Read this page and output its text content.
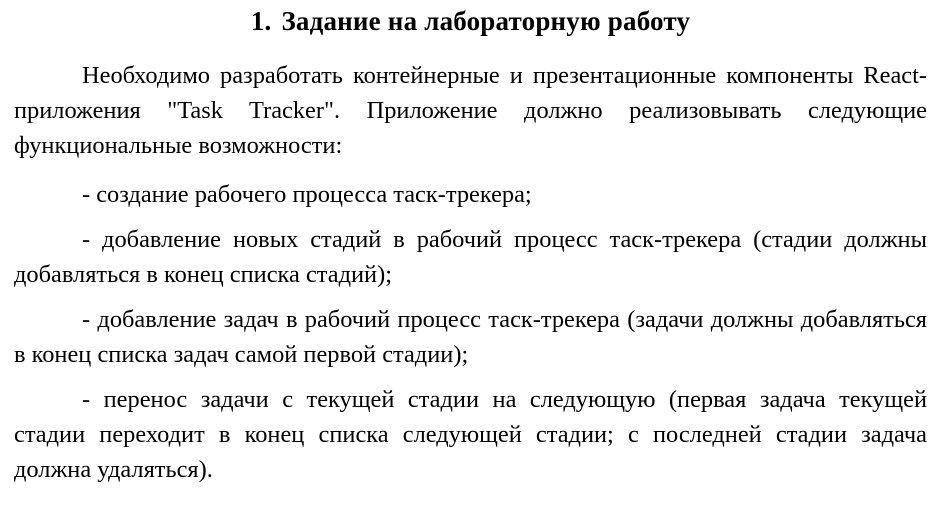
1. Задание на лабораторную работу

Необходимо разработать контейнерные и презентационные компоненты React-приложения "Task Tracker". Приложение должно реализовывать следующие функциональные возможности:

- создание рабочего процесса таск-трекера;

- добавление новых стадий в рабочий процесс таск-трекера (стадии должны добавляться в конец списка стадий);

- добавление задач в рабочий процесс таск-трекера (задачи должны добавляться в конец списка задач самой первой стадии);

- перенос задачи с текущей стадии на следующую (первая задача текущей стадии переходит в конец списка следующей стадии; с последней стадии задача должна удаляться).
